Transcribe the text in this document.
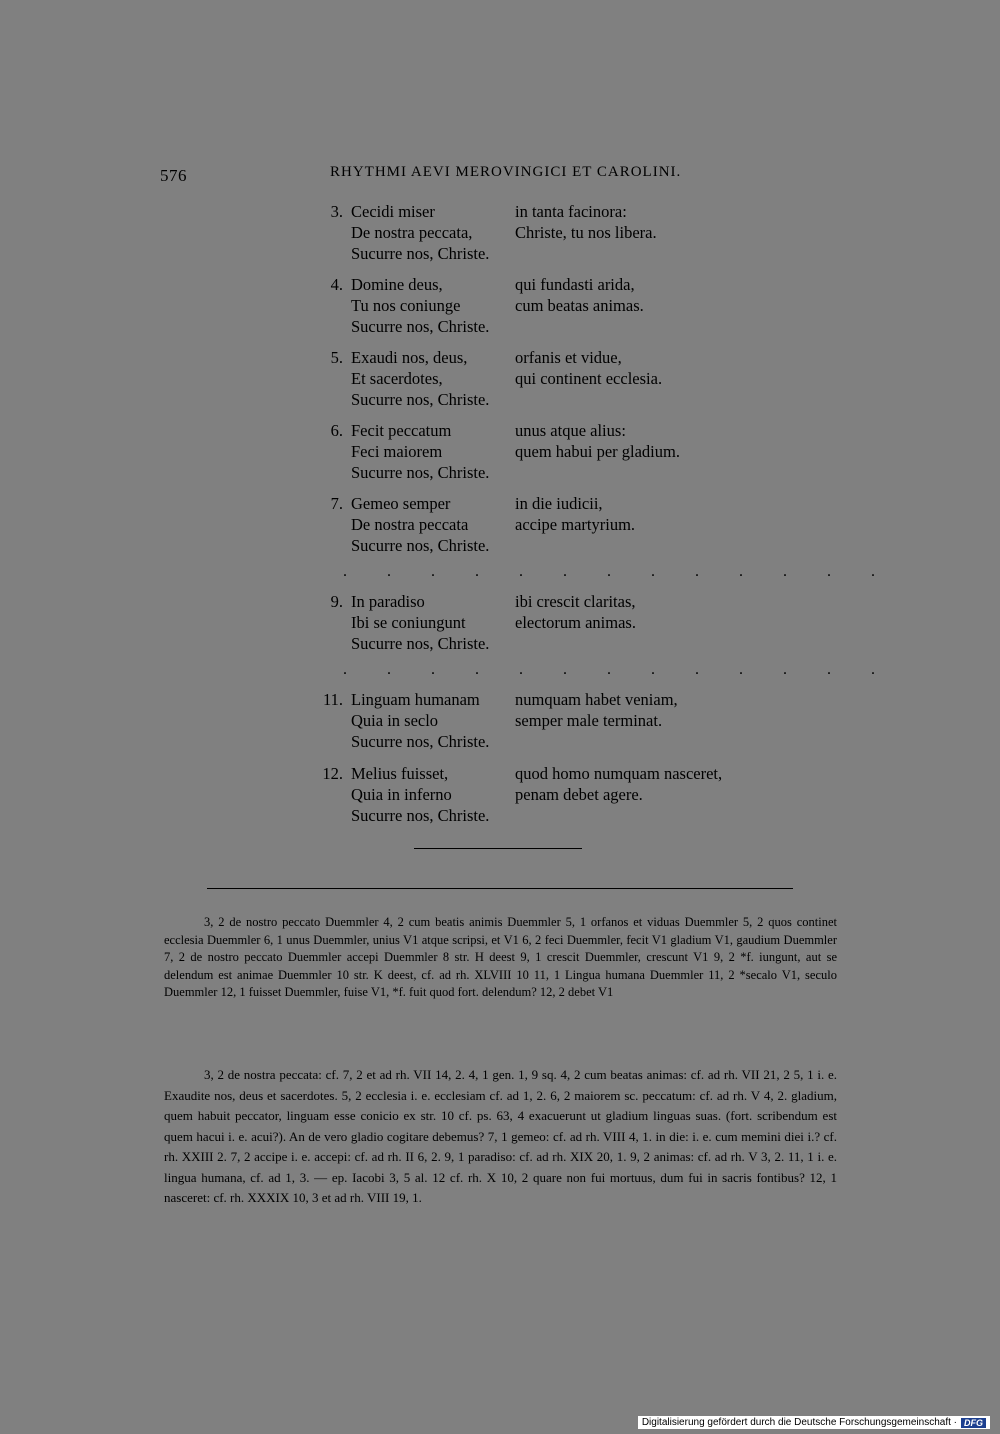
576	RHYTHMI AEVI MEROVINGICI ET CAROLINI.
3. Cecidi miser	in tanta facinora:
De nostra peccata,	Christe, tu nos libera.
Sucurre nos, Christe.
4. Domine deus,	qui fundasti arida,
Tu nos coniunge	cum beatas animas.
Sucurre nos, Christe.
5. Exaudi nos, deus,	orfanis et vidue,
Et sacerdotes,	qui continent ecclesia.
Sucurre nos, Christe.
6. Fecit peccatum	unus atque alius:
Feci maiorem	quem habui per gladium.
Sucurre nos, Christe.
7. Gemeo semper	in die iudicii,
De nostra peccata	accipe martyrium.
Sucurre nos, Christe.
. . . . . . . . . . . . .
9. In paradiso	ibi crescit claritas,
Ibi se coniungunt	electorum animas.
Sucurre nos, Christe.
. . . . . . . . . . . . .
11. Linguam humanam	numquam habet veniam,
Quia in seclo	semper male terminat.
Sucurre nos, Christe.
12. Melius fuisset,	quod homo numquam nasceret,
Quia in inferno	penam debet agere.
Sucurre nos, Christe.

3, 2 de nostro peccato Duemmler 4, 2 cum beatis animis Duemmler 5, 1 orfanos et viduas Duemmler 5, 2 quos continet ecclesia Duemmler 6, 1 unus Duemmler, unius V1 atque scripsi, et V1 6, 2 feci Duemmler, fecit V1 gladium V1, gaudium Duemmler 7, 2 de nostro peccato Duemmler accepi Duemmler 8 str. H deest 9, 1 crescit Duemmler, crescunt V1 9, 2 *f. iungunt, aut se delendum est animae Duemmler 10 str. K deest, cf. ad rh. XLVIII 10 11, 1 Lingua humana Duemmler 11, 2 *secalo V1, seculo Duemmler 12, 1 fuisset Duemmler, fuise V1, *f. fuit quod fort. delendum? 12, 2 debet V1

3, 2 de nostra peccata: cf. 7, 2 et ad rh. VII 14, 2. 4, 1 gen. 1, 9 sq. 4, 2 cum beatas animas: cf. ad rh. VII 21, 2 5, 1 i. e. Exaudite nos, deus et sacerdotes. 5, 2 ecclesia i. e. ecclesiam cf. ad 1, 2. 6, 2 maiorem sc. peccatum: cf. ad rh. V 4, 2. gladium, quem habuit peccator, linguam esse conicio ex str. 10 cf. ps. 63, 4 exacuerunt ut gladium linguas suas. (fort. scribendum est quem hacui i. e. acui?). An de vero gladio cogitare debemus? 7, 1 gemeo: cf. ad rh. VIII 4, 1. in die: i. e. cum memini diei i.? cf. rh. XXIII 2. 7, 2 accipe i. e. accepi: cf. ad rh. II 6, 2. 9, 1 paradiso: cf. ad rh. XIX 20, 1. 9, 2 animas: cf. ad rh. V 3, 2. 11, 1 i. e. lingua humana, cf. ad 1, 3. — ep. Iacobi 3, 5 al. 12 cf. rh. X 10, 2 quare non fui mortuus, dum fui in sacris fontibus? 12, 1 nasceret: cf. rh. XXXIX 10, 3 et ad rh. VIII 19, 1.

Digitalisierung gefördert durch die Deutsche Forschungsgemeinschaft · DFG
